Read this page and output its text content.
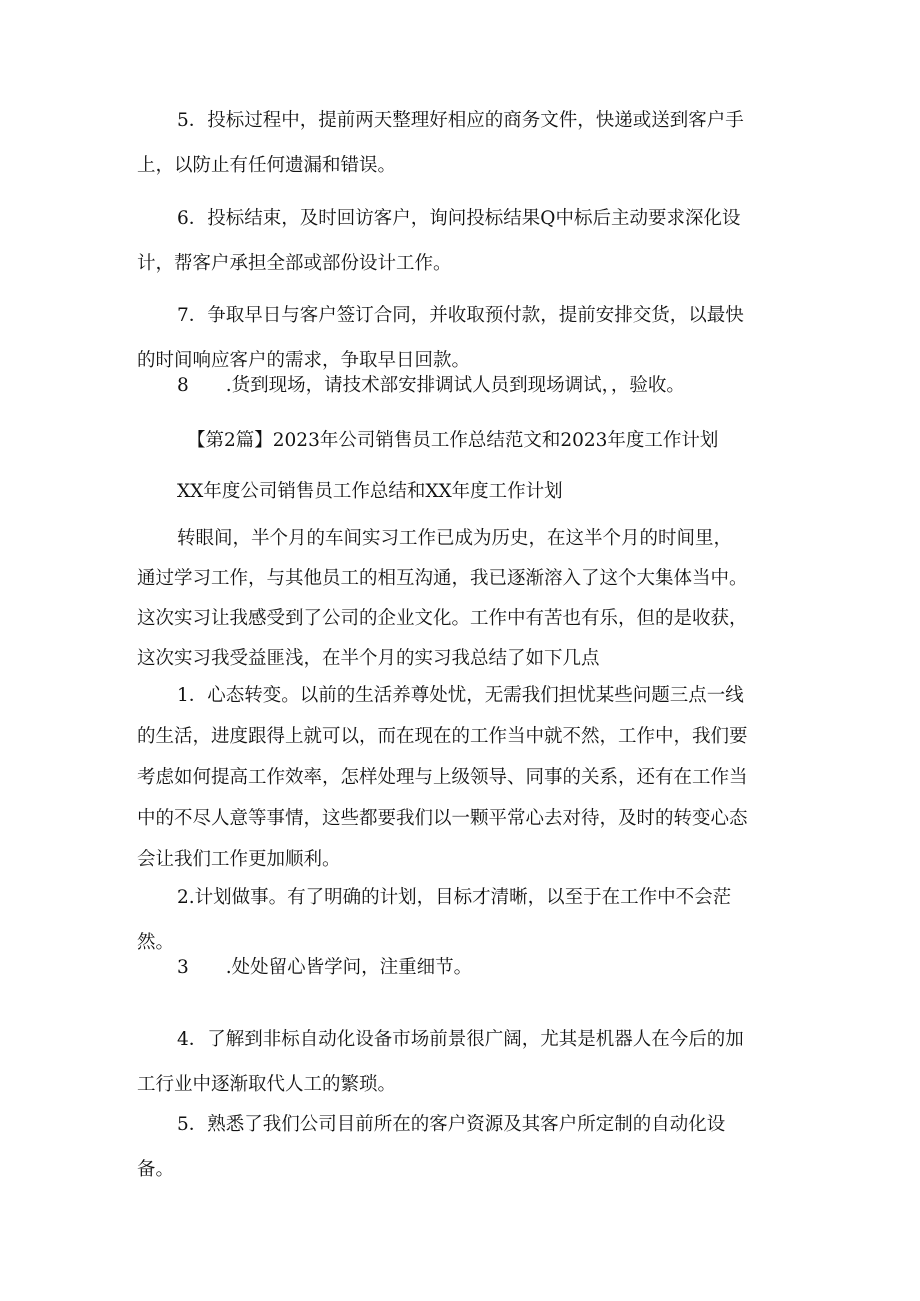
5．投标过程中，提前两天整理好相应的商务文件，快递或送到客户手
上，以防止有任何遗漏和错误。
6．投标结束，及时回访客户，询问投标结果Q中标后主动要求深化设
计，帮客户承担全部或部份设计工作。
7．争取早日与客户签订合同，并收取预付款，提前安排交货，以最快
的时间响应客户的需求，争取早日回款。
8　　.货到现场，请技术部安排调试人员到现场调试，，验收。
【第2篇】2023年公司销售员工作总结范文和2023年度工作计划
XX年度公司销售员工作总结和XX年度工作计划
转眼间，半个月的车间实习工作已成为历史，在这半个月的时间里，
通过学习工作，与其他员工的相互沟通，我已逐渐溶入了这个大集体当中。
这次实习让我感受到了公司的企业文化。工作中有苦也有乐，但的是收获，
这次实习我受益匪浅，在半个月的实习我总结了如下几点
1．心态转变。以前的生活养尊处忧，无需我们担忧某些问题三点一线
的生活，进度跟得上就可以，而在现在的工作当中就不然，工作中，我们要
考虑如何提高工作效率，怎样处理与上级领导、同事的关系，还有在工作当
中的不尽人意等事情，这些都要我们以一颗平常心去对待，及时的转变心态
会让我们工作更加顺利。
2.计划做事。有了明确的计划，目标才清晰，以至于在工作中不会茫
然。
3　　.处处留心皆学问，注重细节。
4．了解到非标自动化设备市场前景很广阔，尤其是机器人在今后的加
工行业中逐渐取代人工的繁琐。
5．熟悉了我们公司目前所在的客户资源及其客户所定制的自动化设
备。
